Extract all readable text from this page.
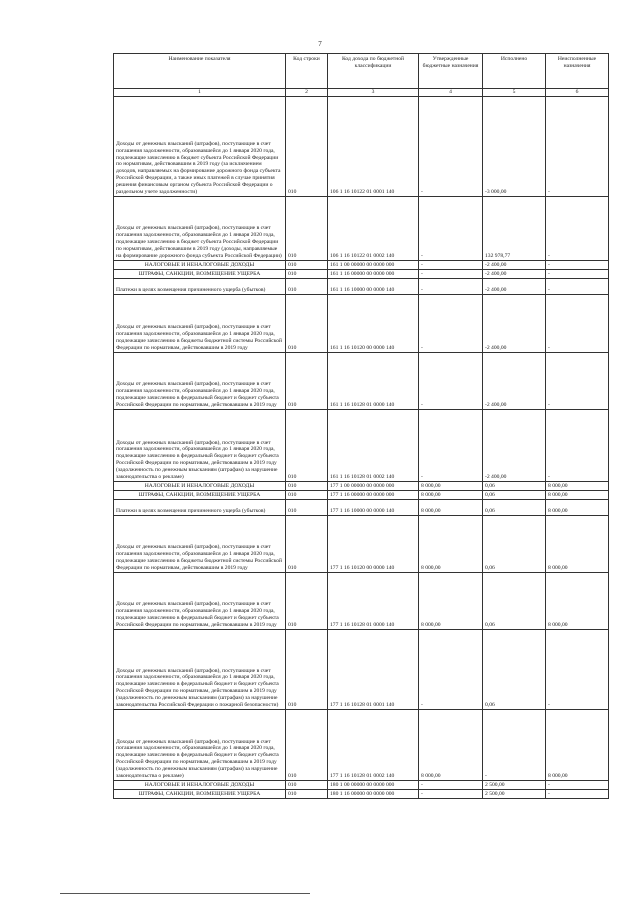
7
Наименование показателя	Код строки	Код дохода по бюджетной классификации	Утвержденные бюджетные назначения	Исполнено	Неисполненные назначения
1	2	3	4	5	6
Доходы от денежных взысканий (штрафов), поступающие в счет погашения задолженности, образовавшейся до 1 января 2020 года, подлежащие зачислению в бюджет субъекта Российской Федерации по нормативам, действовавшим в 2019 году (за исключением доходов, направляемых на формирование дорожного фонда субъекта Российской Федерации, а также иных платежей в случае принятия решения финансовым органом субъекта Российской Федерации о раздельном учете задолженности)	010	106 1 16 10122 01 0001 140	-	-3 000,00	-
Доходы от денежных взысканий (штрафов), поступающие в счет погашения задолженности, образовавшейся до 1 января 2020 года, подлежащие зачислению в бюджет субъекта Российской Федерации по нормативам, действовавшим в 2019 году (доходы, направляемые на формирование дорожного фонда субъекта Российской Федерации)	010	106 1 16 10122 01 0002 140	-	132 978,77	-
НАЛОГОВЫЕ И НЕНАЛОГОВЫЕ ДОХОДЫ	010	161 1 00 00000 00 0000 000	-	-2 400,00	-
ШТРАФЫ, САНКЦИИ, ВОЗМЕЩЕНИЕ УЩЕРБА	010	161 1 16 00000 00 0000 000	-	-2 400,00	-
Платежи в целях возмещения причиненного ущерба (убытков)	010	161 1 16 10000 00 0000 140	-	-2 400,00	-
Доходы от денежных взысканий (штрафов), поступающие в счет погашения задолженности, образовавшейся до 1 января 2020 года, подлежащие зачислению в бюджеты бюджетной системы Российской Федерации по нормативам, действовавшим в 2019 году	010	161 1 16 10120 00 0000 140	-	-2 400,00	-
Доходы от денежных взысканий (штрафов), поступающие в счет погашения задолженности, образовавшейся до 1 января 2020 года, подлежащие зачислению в федеральный бюджет и бюджет субъекта Российской Федерации по нормативам, действовавшим в 2019 году	010	161 1 16 10128 01 0000 140	-	-2 400,00	-
Доходы от денежных взысканий (штрафов), поступающие в счет погашения задолженности, образовавшейся до 1 января 2020 года, подлежащие зачислению в федеральный бюджет и бюджет субъекта Российской Федерации по нормативам, действовавшим в 2019 году (задолженность по денежным взысканиям (штрафам) за нарушение законодательства о рекламе)	010	161 1 16 10128 01 0002 140	-	-2 400,00	-
НАЛОГОВЫЕ И НЕНАЛОГОВЫЕ ДОХОДЫ	010	177 1 00 00000 00 0000 000	8 000,00	0,06	8 000,00
ШТРАФЫ, САНКЦИИ, ВОЗМЕЩЕНИЕ УЩЕРБА	010	177 1 16 00000 00 0000 000	8 000,00	0,06	8 000,00
Платежи в целях возмещения причиненного ущерба (убытков)	010	177 1 16 10000 00 0000 140	8 000,00	0,06	8 000,00
Доходы от денежных взысканий (штрафов), поступающие в счет погашения задолженности, образовавшейся до 1 января 2020 года, подлежащие зачислению в бюджеты бюджетной системы Российской Федерации по нормативам, действовавшим в 2019 году	010	177 1 16 10120 00 0000 140	8 000,00	0,06	8 000,00
Доходы от денежных взысканий (штрафов), поступающие в счет погашения задолженности, образовавшейся до 1 января 2020 года, подлежащие зачислению в федеральный бюджет и бюджет субъекта Российской Федерации по нормативам, действовавшим в 2019 году	010	177 1 16 10128 01 0000 140	8 000,00	0,06	8 000,00
Доходы от денежных взысканий (штрафов), поступающие в счет погашения задолженности, образовавшейся до 1 января 2020 года, подлежащие зачислению в федеральный бюджет и бюджет субъекта Российской Федерации по нормативам, действовавшим в 2019 году (задолженность по денежным взысканиям (штрафам) за нарушение законодательства Российской Федерации о пожарной безопасности)	010	177 1 16 10128 01 0001 140	-	0,06	-
Доходы от денежных взысканий (штрафов), поступающие в счет погашения задолженности, образовавшейся до 1 января 2020 года, подлежащие зачислению в федеральный бюджет и бюджет субъекта Российской Федерации по нормативам, действовавшим в 2019 году (задолженность по денежным взысканиям (штрафам) за нарушение законодательства о рекламе)	010	177 1 16 10128 01 0002 140	8 000,00	-	8 000,00
НАЛОГОВЫЕ И НЕНАЛОГОВЫЕ ДОХОДЫ	010	180 1 00 00000 00 0000 000	-	2 500,00	-
ШТРАФЫ, САНКЦИИ, ВОЗМЕЩЕНИЕ УЩЕРБА	010	180 1 16 00000 00 0000 000	-	2 500,00	-
